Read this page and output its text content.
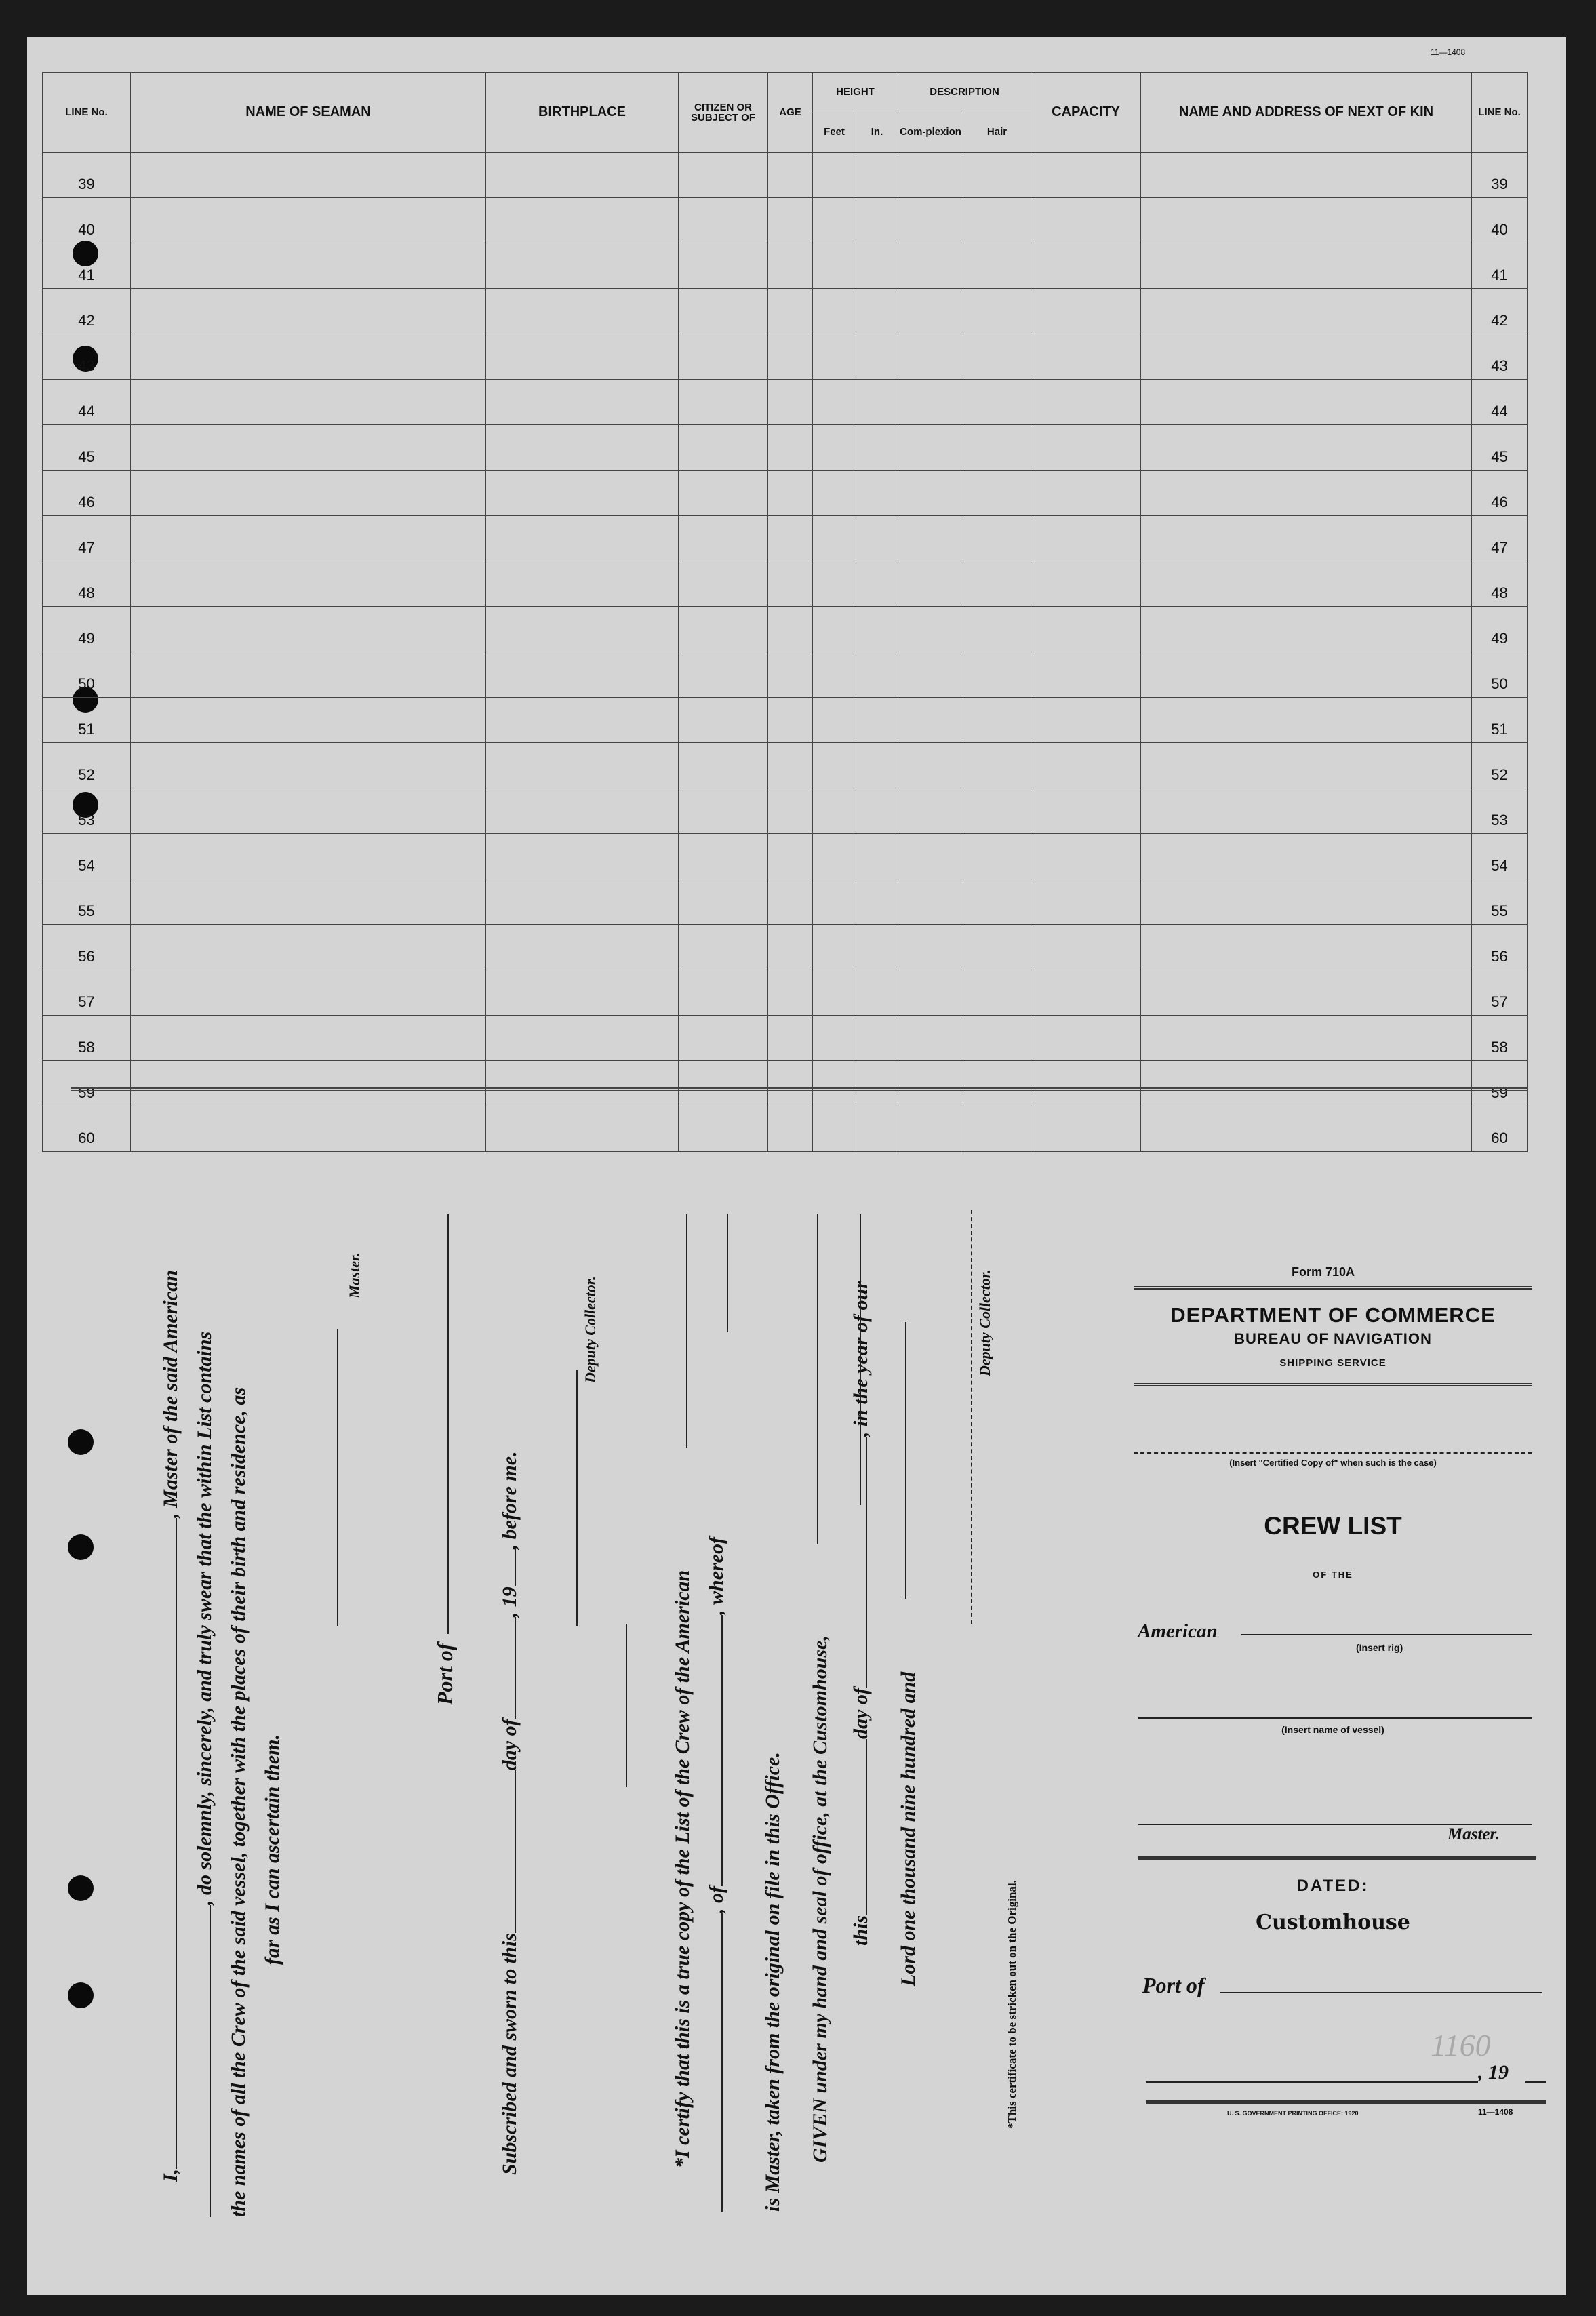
11—1408
LINE No.	NAME OF SEAMAN	BIRTHPLACE	CITIZEN OR SUBJECT OF	AGE	HEIGHT		DESCRIPTION		CAPACITY	NAME AND ADDRESS OF NEXT OF KIN	LINE No.
					Feet	In.	Com-plexion	Hair			
39											39
40											40
41											41
42											42
43											43
44											44
45											45
46											46
47											47
48											48
49											49
50											50
51											51
52											52
53											53
54											54
55											55
56											56
57											57
58											58
59											59
60											60
I,, Master of the said American , do solemnly, sincerely, and truly swear that the within List contains the names of all the Crew of the said vessel, together with the places of their birth and residence, as far as I can ascertain them.
Master.
Port of
Subscribed and sworn to thisday of, 19, before me.
Deputy Collector.
*I certify that this is a true copy of the List of the Crew of the American , of, whereof
is Master, taken from the original on file in this Office. GIVEN under my hand and seal of office, at the Customhouse, thisday of, in the year of our
Lord one thousand nine hundred and
Deputy Collector.
*This certificate to be stricken out on the Original.
Form 710A
DEPARTMENT OF COMMERCE
BUREAU OF NAVIGATION
SHIPPING SERVICE
(Insert "Certified Copy of" when such is the case)
CREW LIST
OF THE
American
(Insert rig)
(Insert name of vessel)
Master.
DATED:
Customhouse
Port of
1160
, 19
U. S. GOVERNMENT PRINTING OFFICE: 1920	11—1408
